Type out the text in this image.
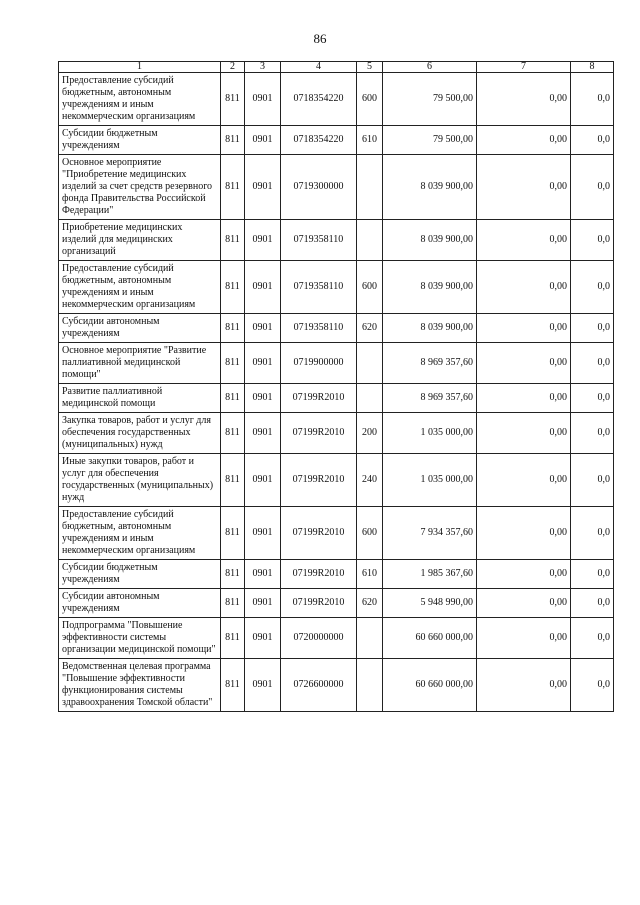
86
1	2	3	4	5	6	7	8
Предоставление субсидий бюджетным, автономным учреждениям и иным некоммерческим организациям	811	0901	0718354220	600	79 500,00	0,00	0,0
Субсидии бюджетным учреждениям	811	0901	0718354220	610	79 500,00	0,00	0,0
Основное мероприятие "Приобретение медицинских изделий за счет средств резервного фонда Правительства Российской Федерации"	811	0901	0719300000		8 039 900,00	0,00	0,0
Приобретение медицинских изделий для медицинских организаций	811	0901	0719358110		8 039 900,00	0,00	0,0
Предоставление субсидий бюджетным, автономным учреждениям и иным некоммерческим организациям	811	0901	0719358110	600	8 039 900,00	0,00	0,0
Субсидии автономным учреждениям	811	0901	0719358110	620	8 039 900,00	0,00	0,0
Основное мероприятие "Развитие паллиативной медицинской помощи"	811	0901	0719900000		8 969 357,60	0,00	0,0
Развитие паллиативной медицинской помощи	811	0901	07199R2010		8 969 357,60	0,00	0,0
Закупка товаров, работ и услуг для обеспечения государственных (муниципальных) нужд	811	0901	07199R2010	200	1 035 000,00	0,00	0,0
Иные закупки товаров, работ и услуг для обеспечения государственных (муниципальных) нужд	811	0901	07199R2010	240	1 035 000,00	0,00	0,0
Предоставление субсидий бюджетным, автономным учреждениям и иным некоммерческим организациям	811	0901	07199R2010	600	7 934 357,60	0,00	0,0
Субсидии бюджетным учреждениям	811	0901	07199R2010	610	1 985 367,60	0,00	0,0
Субсидии автономным учреждениям	811	0901	07199R2010	620	5 948 990,00	0,00	0,0
Подпрограмма "Повышение эффективности системы организации медицинской помощи"	811	0901	0720000000		60 660 000,00	0,00	0,0
Ведомственная целевая программа "Повышение эффективности функционирования системы здравоохранения Томской области"	811	0901	0726600000		60 660 000,00	0,00	0,0
